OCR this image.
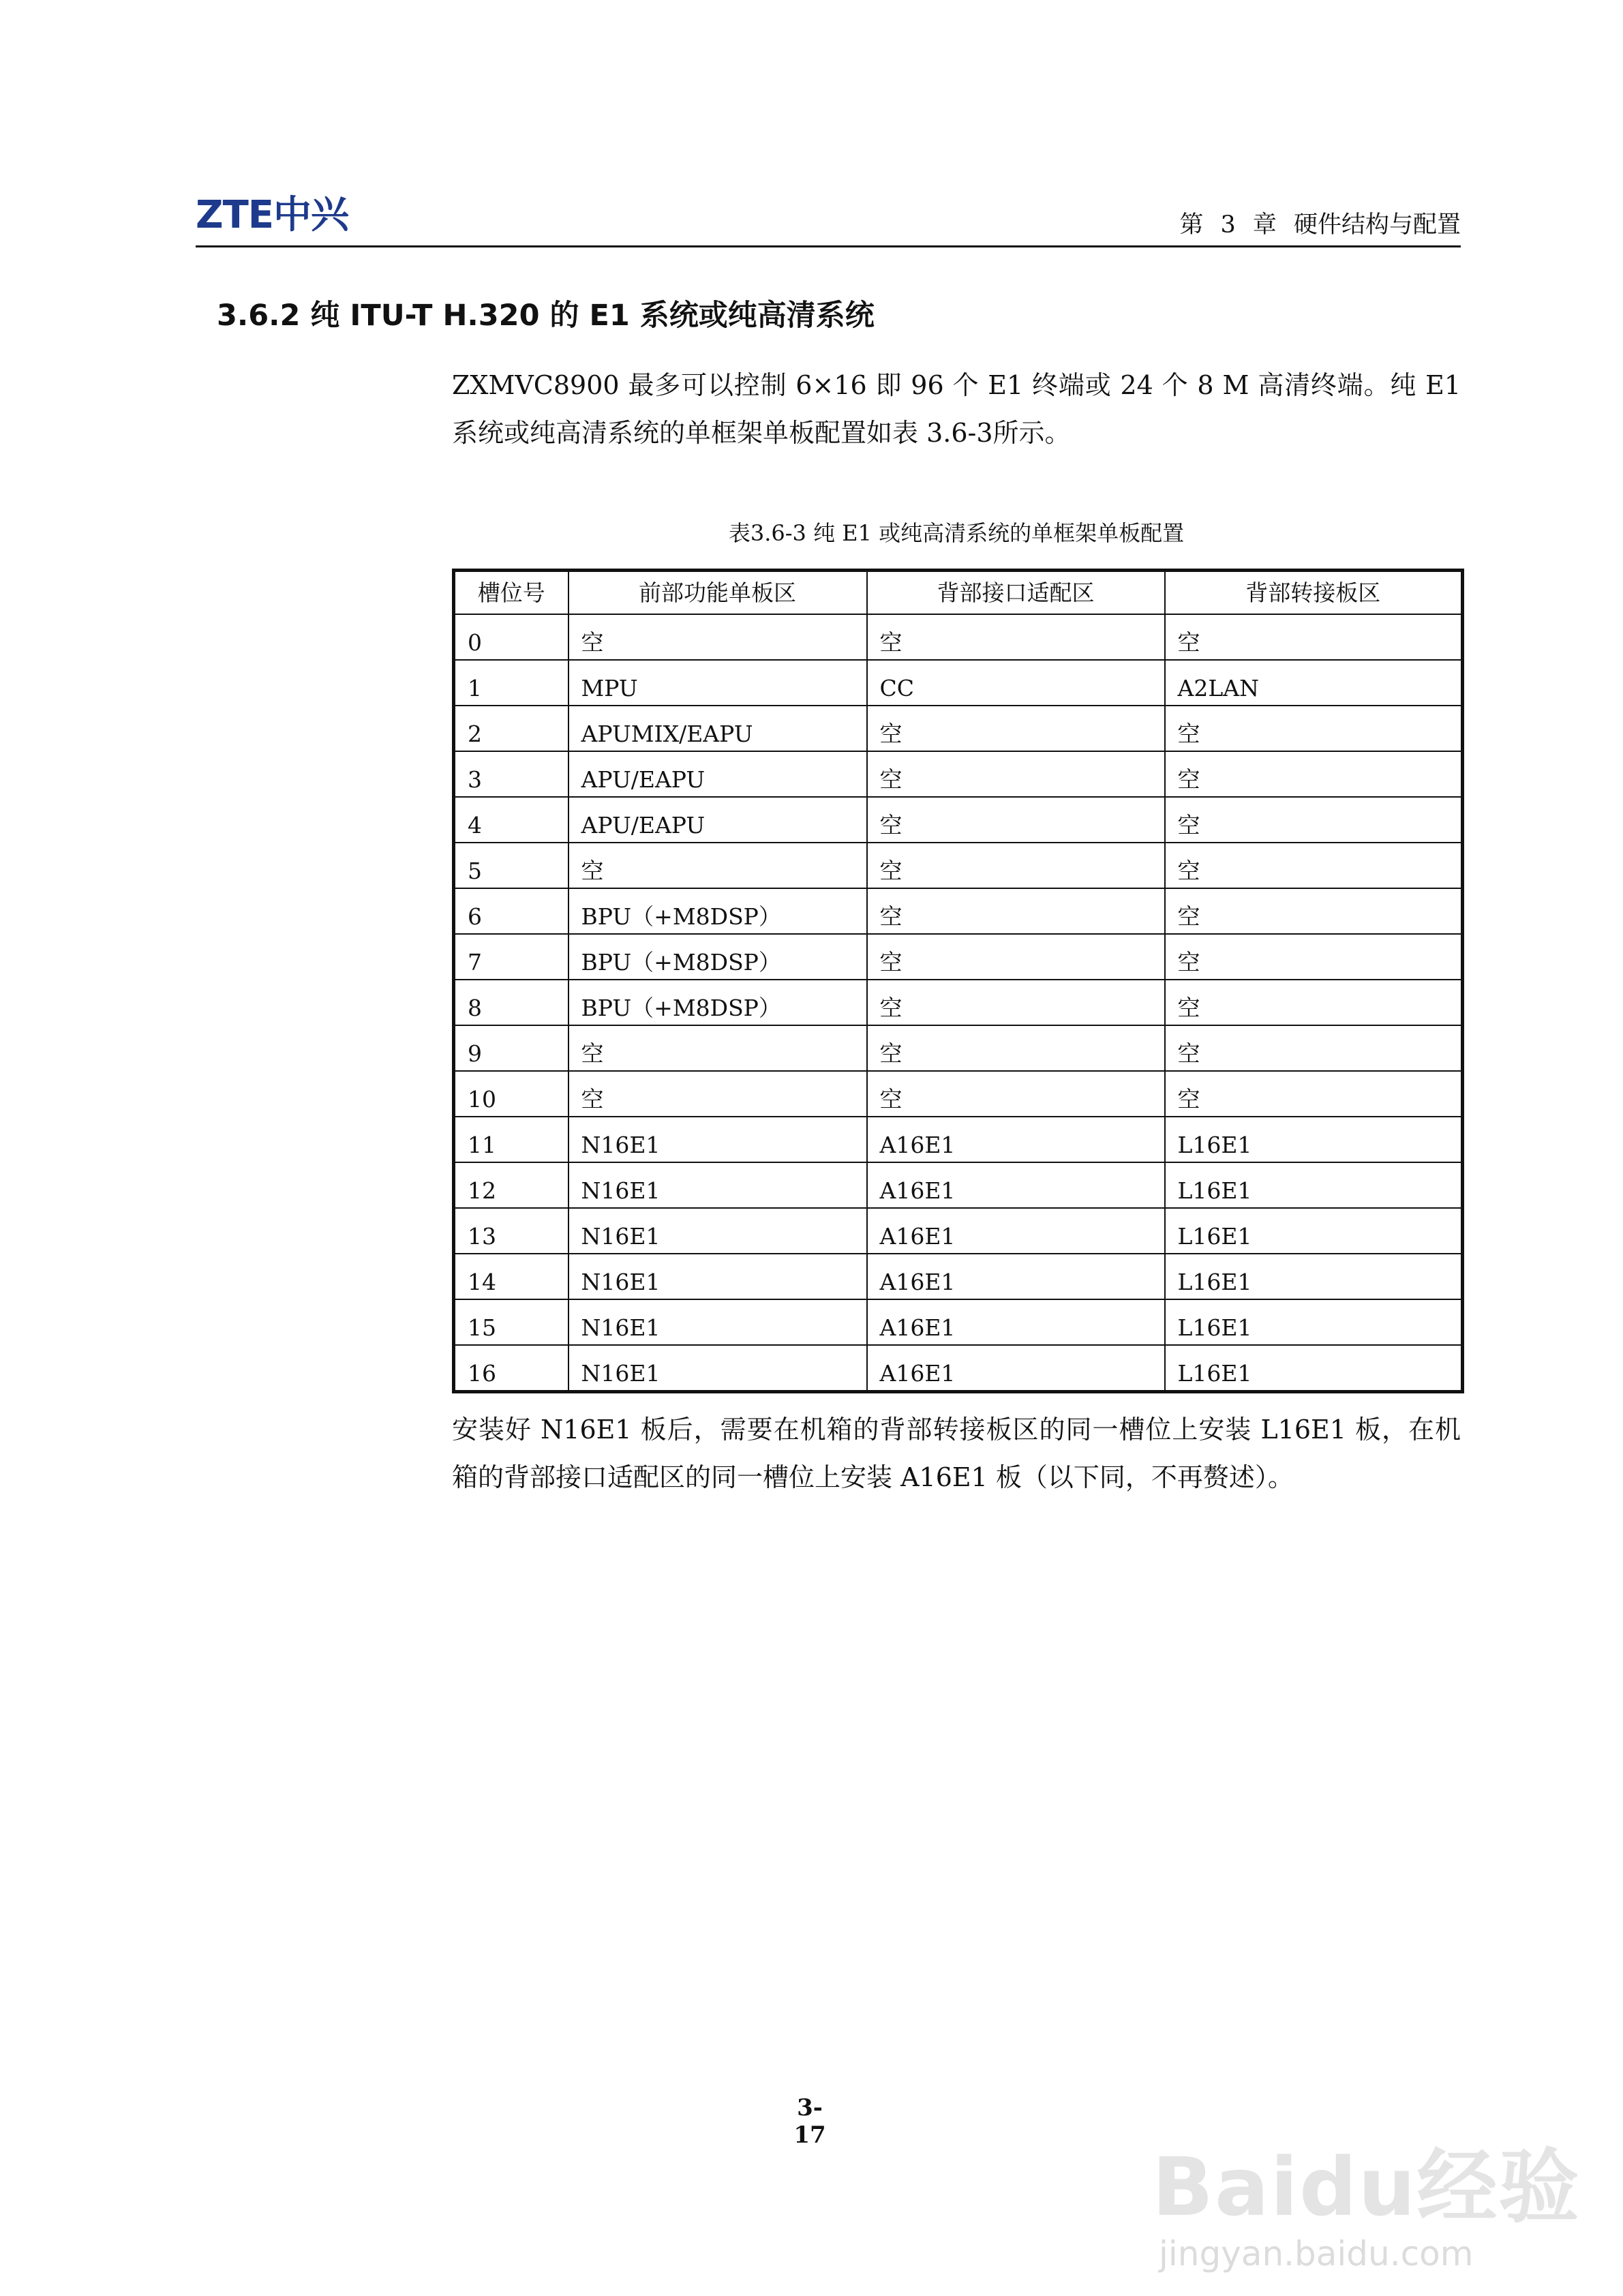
ZTE中兴	第 3 章 硬件结构与配置
3.6.2 纯 ITU-T H.320 的 E1 系统或纯高清系统

ZXMVC8900 最多可以控制 6×16 即 96 个 E1 终端或 24 个 8 M 高清终端。纯 E1 系统或纯高清系统的单框架单板配置如表 3.6-3所示。

表3.6-3 纯 E1 或纯高清系统的单框架单板配置
槽位号	前部功能单板区	背部接口适配区	背部转接板区
0	空	空	空
1	MPU	CC	A2LAN
2	APUMIX/EAPU	空	空
3	APU/EAPU	空	空
4	APU/EAPU	空	空
5	空	空	空
6	BPU（+M8DSP）	空	空
7	BPU（+M8DSP）	空	空
8	BPU（+M8DSP）	空	空
9	空	空	空
10	空	空	空
11	N16E1	A16E1	L16E1
12	N16E1	A16E1	L16E1
13	N16E1	A16E1	L16E1
14	N16E1	A16E1	L16E1
15	N16E1	A16E1	L16E1
16	N16E1	A16E1	L16E1

安装好 N16E1 板后，需要在机箱的背部转接板区的同一槽位上安装 L16E1 板，在机箱的背部接口适配区的同一槽位上安装 A16E1 板（以下同，不再赘述）。

3-17
Baidu经验
jingyan.baidu.com
